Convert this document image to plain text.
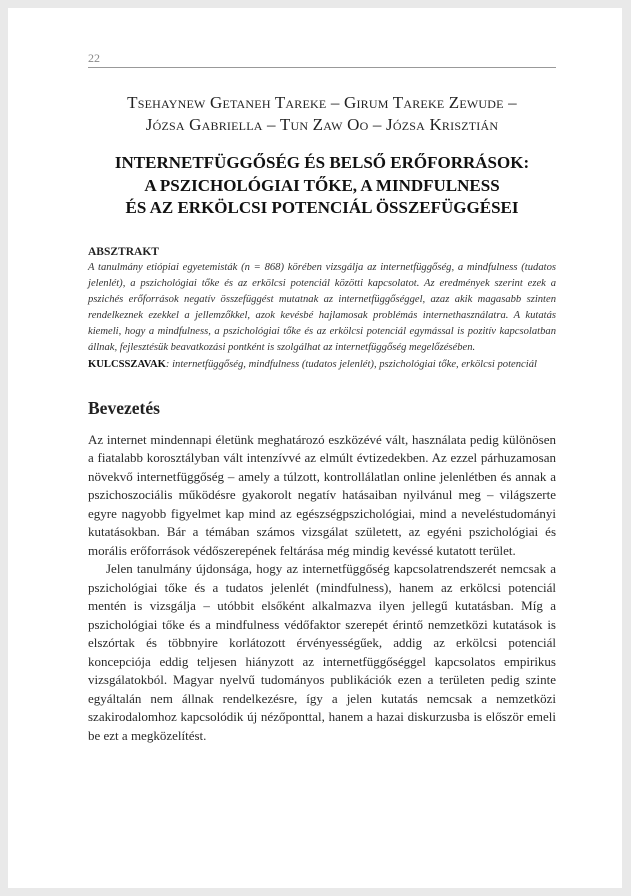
22
Tsehaynew Getaneh Tareke – Girum Tareke Zewude –
Józsa Gabriella – Tun Zaw Oo – Józsa Krisztián
INTERNETFÜGGŐSÉG ÉS BELSŐ ERŐFORRÁSOK:
A PSZICHOLÓGIAI TŐKE, A MINDFULNESS
ÉS AZ ERKÖLCSI POTENCIÁL ÖSSZEFÜGGÉSEI
ABSZTRAKT
A tanulmány etiópiai egyetemisták (n = 868) körében vizsgálja az internetfüggőség, a mindfulness (tudatos jelenlét), a pszichológiai tőke és az erkölcsi potenciál közötti kapcsolatot. Az eredmények szerint ezek a pszichés erőforrások negatív összefüggést mutatnak az internetfüggőséggel, azaz akik magasabb szinten rendelkeznek ezekkel a jellemzőkkel, azok kevésbé hajlamosak problémás internethasználatra. A kutatás kiemeli, hogy a mindfulness, a pszichológiai tőke és az erkölcsi potenciál egymással is pozitív kapcsolatban állnak, fejlesztésük beavatkozási pontként is szolgálhat az internetfüggőség megelőzésében.
KULCSSZAVAK: internetfüggőség, mindfulness (tudatos jelenlét), pszichológiai tőke, erkölcsi potenciál
Bevezetés
Az internet mindennapi életünk meghatározó eszközévé vált, használata pedig különösen a fiatalabb korosztályban vált intenzívvé az elmúlt évtizedekben. Az ezzel párhuzamosan növekvő internetfüggőség – amely a túlzott, kontrollálatlan online jelenlétben és annak a pszichoszociális működésre gyakorolt negatív hatásaiban nyilvánul meg – világszerte egyre nagyobb figyelmet kap mind az egészségpszichológiai, mind a neveléstudományi kutatásokban. Bár a témában számos vizsgálat született, az egyéni pszichológiai és morális erőforrások védőszerepének feltárása még mindig kevéssé kutatott terület.
Jelen tanulmány újdonsága, hogy az internetfüggőség kapcsolatrendszerét nemcsak a pszichológiai tőke és a tudatos jelenlét (mindfulness), hanem az erkölcsi potenciál mentén is vizsgálja – utóbbit elsőként alkalmazva ilyen jellegű kutatásban. Míg a pszichológiai tőke és a mindfulness védőfaktor szerepét érintő nemzetközi kutatások is elszórtak és többnyire korlátozott érvényességűek, addig az erkölcsi potenciál koncepciója eddig teljesen hiányzott az internetfüggőséggel kapcsolatos empirikus vizsgálatokból. Magyar nyelvű tudományos publikációk ezen a területen pedig szinte egyáltalán nem állnak rendelkezésre, így a jelen kutatás nemcsak a nemzetközi szakirodalomhoz kapcsolódik új nézőponttal, hanem a hazai diskurzusba is először emeli be ezt a megközelítést.
